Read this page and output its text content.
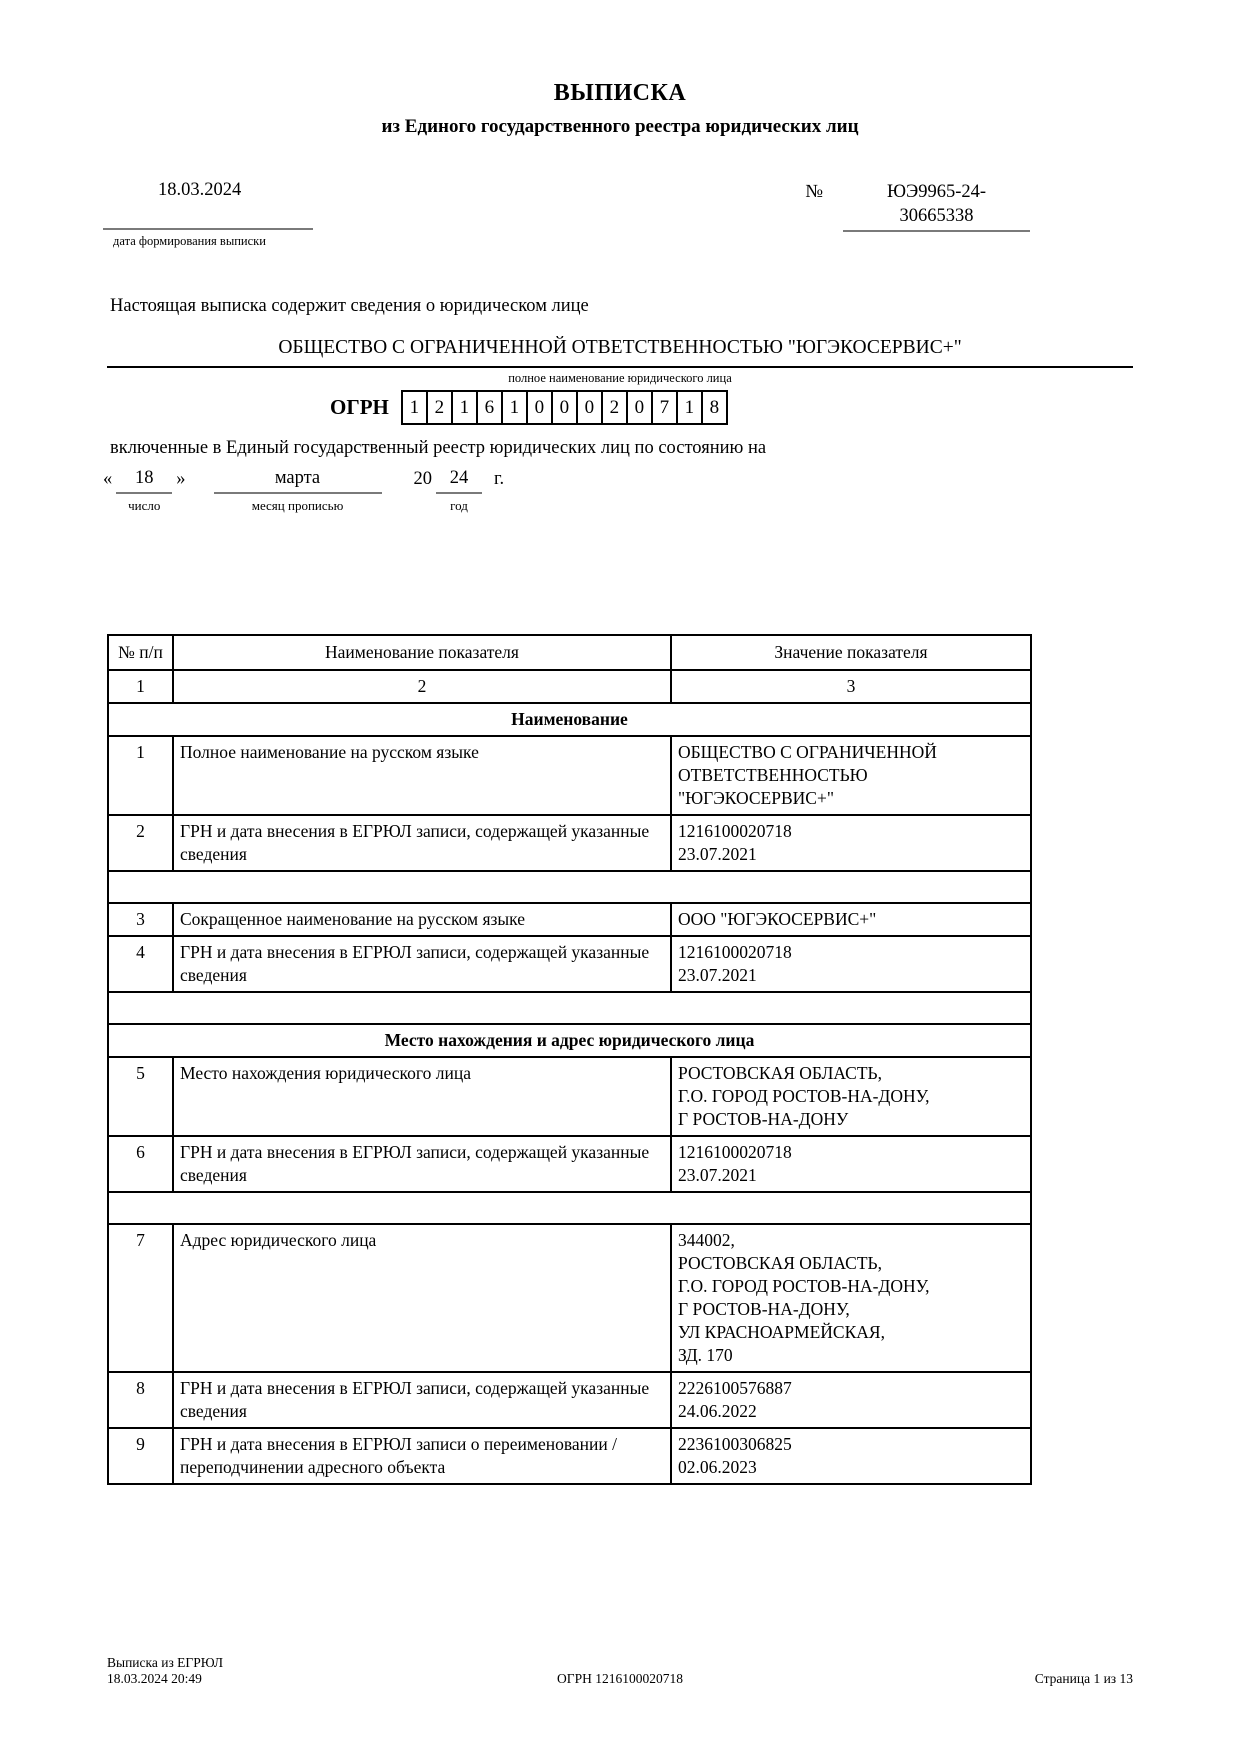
ВЫПИСКА
из Единого государственного реестра юридических лиц
18.03.2024
дата формирования выписки
№	ЮЭ9965-24-
30665338
Настоящая выписка содержит сведения о юридическом лице
ОБЩЕСТВО С ОГРАНИЧЕННОЙ ОТВЕТСТВЕННОСТЬЮ "ЮГЭКОСЕРВИС+"
полное наименование юридического лица
ОГРН	1 2 1 6 1 0 0 0 2 0 7 1 8
включенные в Единый государственный реестр юридических лиц по состоянию на
«	18
число
»	марта
месяц прописью
20 24
год
г.
№ п/п	Наименование показателя	Значение показателя
1	2	3
Наименование		
1	Полное наименование на русском языке	ОБЩЕСТВО С ОГРАНИЧЕННОЙ
ОТВЕТСТВЕННОСТЬЮ
"ЮГЭКОСЕРВИС+"

2	ГРН и дата внесения в ЕГРЮЛ записи, содержащей указанные сведения	1216100020718
23.07.2021

3	Сокращенное наименование на русском языке	ООО "ЮГЭКОСЕРВИС+"

4	ГРН и дата внесения в ЕГРЮЛ записи, содержащей указанные сведения	1216100020718
23.07.2021

Место нахождения и адрес юридического лица		
5	Место нахождения юридического лица	РОСТОВСКАЯ ОБЛАСТЬ,
Г.О. ГОРОД РОСТОВ-НА-ДОНУ,
Г РОСТОВ-НА-ДОНУ

6	ГРН и дата внесения в ЕГРЮЛ записи, содержащей указанные сведения	1216100020718
23.07.2021

7	Адрес юридического лица	344002,
РОСТОВСКАЯ ОБЛАСТЬ,
Г.О. ГОРОД РОСТОВ-НА-ДОНУ,
Г РОСТОВ-НА-ДОНУ,
УЛ КРАСНОАРМЕЙСКАЯ,
ЗД. 170

8	ГРН и дата внесения в ЕГРЮЛ записи, содержащей указанные сведения	2226100576887
24.06.2022

9	ГРН и дата внесения в ЕГРЮЛ записи о переименовании / переподчинении адресного объекта	2236100306825
02.06.2023
Выписка из ЕГРЮЛ
18.03.2024 20:49	ОГРН 1216100020718	Страница 1 из 13
